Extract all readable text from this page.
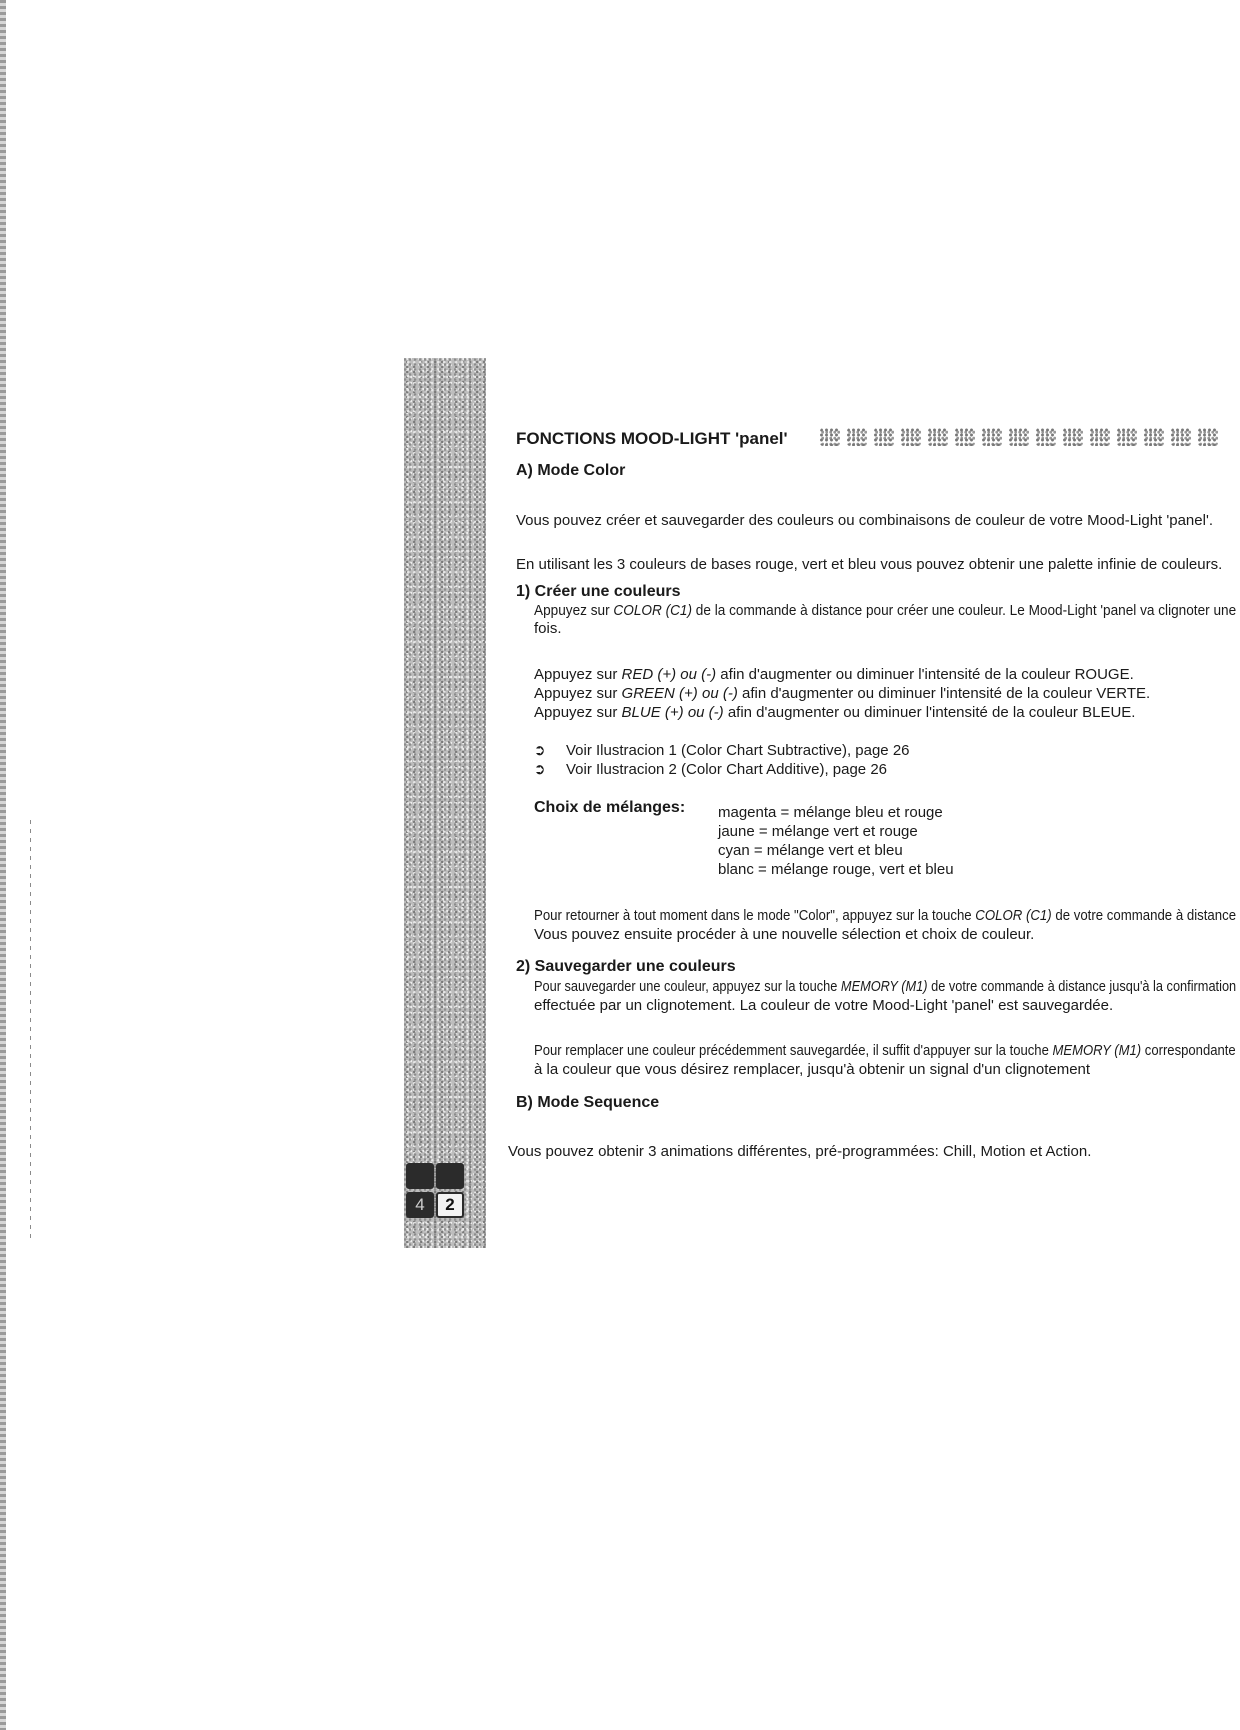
4	2
FONCTIONS MOOD-LIGHT 'panel'
A) Mode Color
Vous pouvez créer et sauvegarder des couleurs ou combinaisons de couleur de votre Mood-Light 'panel'.
En utilisant les 3 couleurs de bases rouge, vert et bleu vous pouvez obtenir une palette infinie de couleurs.
1) Créer une couleurs
Appuyez sur COLOR (C1) de la commande à distance pour créer une couleur. Le Mood-Light 'panel va clignoter une
fois.
Appuyez sur RED (+) ou (-) afin d'augmenter ou diminuer l'intensité de la couleur ROUGE.
Appuyez sur GREEN (+) ou (-) afin d'augmenter ou diminuer l'intensité de la couleur VERTE.
Appuyez sur BLUE (+) ou (-) afin d'augmenter ou diminuer l'intensité de la couleur BLEUE.
➲ Voir Ilustracion 1 (Color Chart Subtractive), page 26
➲ Voir Ilustracion 2 (Color Chart Additive), page 26
Choix de mélanges: magenta = mélange bleu et rouge
jaune = mélange vert et rouge
cyan = mélange vert et bleu
blanc = mélange rouge, vert et bleu
Pour retourner à tout moment dans le mode "Color", appuyez sur la touche COLOR (C1) de votre commande à distance
Vous pouvez ensuite procéder à une nouvelle sélection et choix de couleur.
2) Sauvegarder une couleurs
Pour sauvegarder une couleur, appuyez sur la touche MEMORY (M1) de votre commande à distance jusqu'à la confirmation
effectuée par un clignotement. La couleur de votre Mood-Light 'panel' est sauvegardée.
Pour remplacer une couleur précédemment sauvegardée, il suffit d'appuyer sur la touche MEMORY (M1) correspondante
à la couleur que vous désirez remplacer, jusqu'à obtenir un signal d'un clignotement
B) Mode Sequence
Vous pouvez obtenir 3 animations différentes, pré-programmées: Chill, Motion et Action.
